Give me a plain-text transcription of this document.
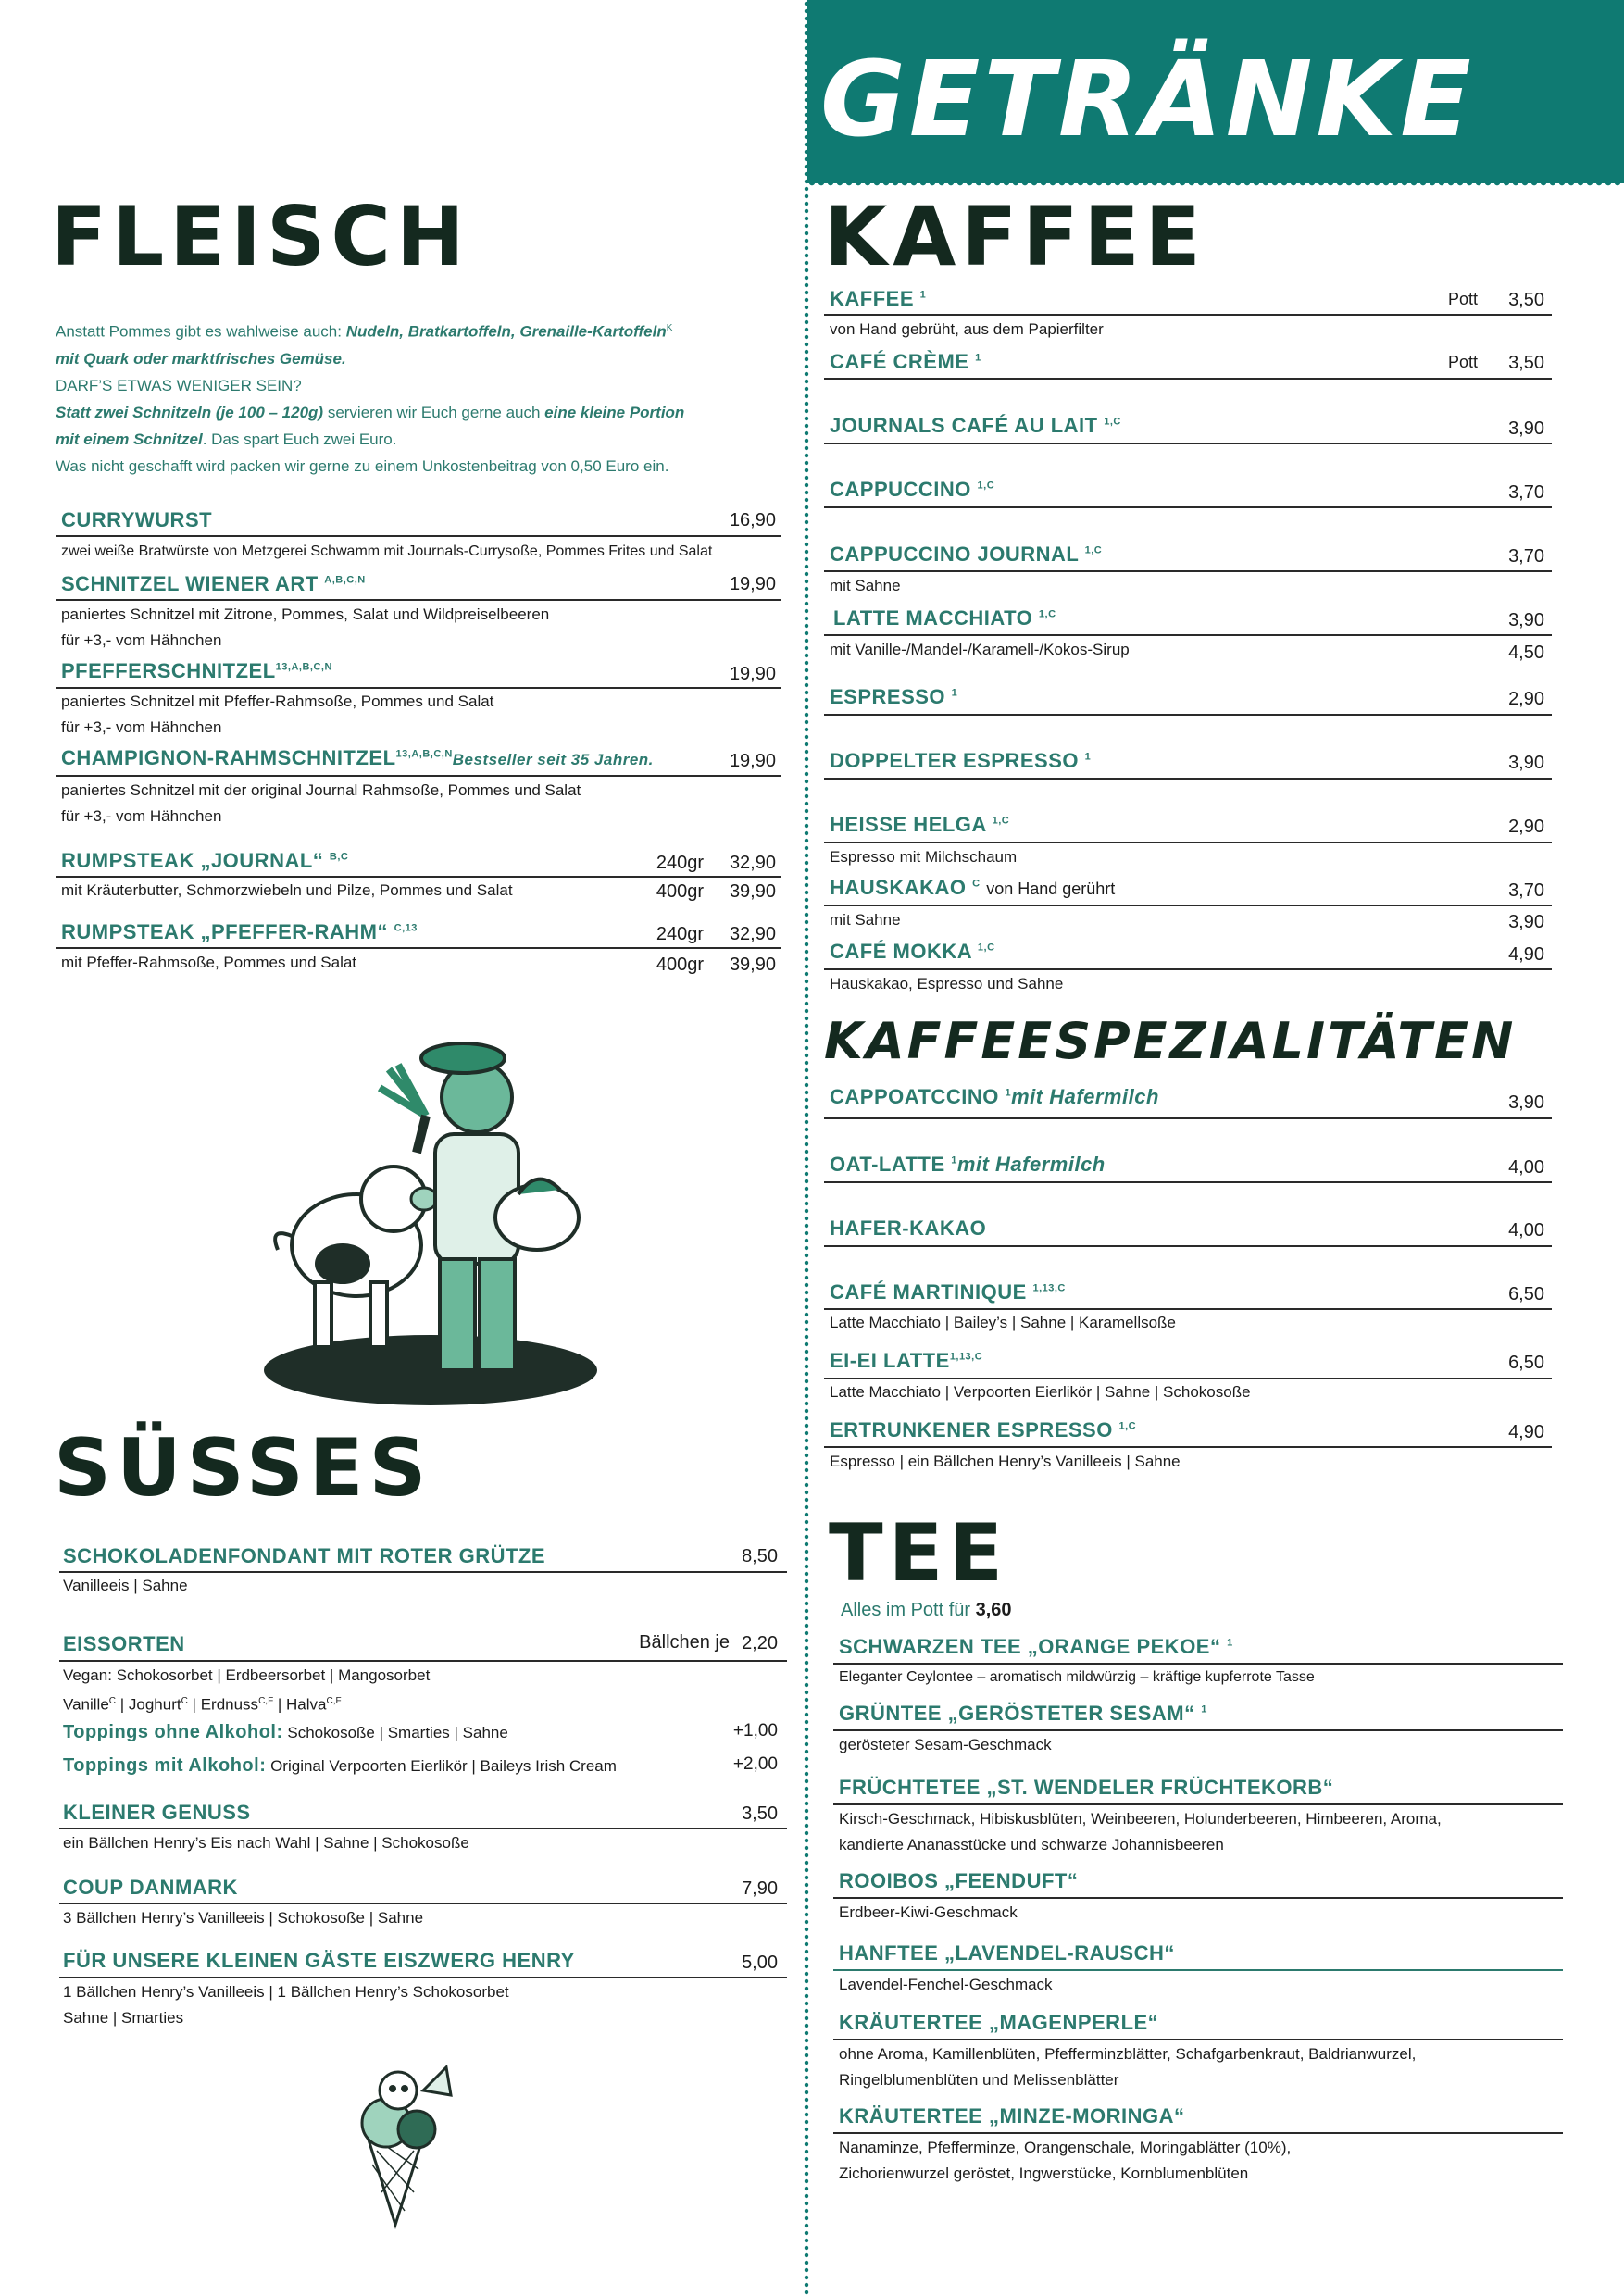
GETRÄNKE
FLEISCH
Anstatt Pommes gibt es wahlweise auch: Nudeln, Bratkartoffeln, Grenaille-Kartoffeln$^K$
mit Quark oder marktfrisches Gemüse.
DARF’S ETWAS WENIGER SEIN?
Statt zwei Schnitzeln (je 100 – 120g) servieren wir Euch gerne auch eine kleine Portion
mit einem Schnitzel. Das spart Euch zwei Euro.
Was nicht geschafft wird packen wir gerne zu einem Unkostenbeitrag von 0,50 Euro ein.
CURRYWURST	16,90
zwei weiße Bratwürste von Metzgerei Schwamm mit Journals-Currysoße, Pommes Frites und Salat
SCHNITZEL WIENER ART $^{A,B,C,N}$	19,90
paniertes Schnitzel mit Zitrone, Pommes, Salat und Wildpreiselbeeren
für +3,- vom Hähnchen
$PFEFFERSCHNITZEL^{13,A,B,C,N}$	19,90
paniertes Schnitzel mit Pfeffer-Rahmsoße, Pommes und Salat
für +3,- vom Hähnchen
CHAMPIGNON-$RAHMSCHNITZEL^{13,A,B,C,N}Bestseller$ seit 35 Jahren.	19,90
paniertes Schnitzel mit der original Journal Rahmsoße, Pommes und Salat
für +3,- vom Hähnchen
RUMPSTEAK „JOURNAL“ $^{B,C}$	240gr	32,90
mit Kräuterbutter, Schmorzwiebeln und Pilze, Pommes und Salat	400gr	39,90
RUMPSTEAK „PFEFFER-RAHM“ $^{C,13}$	240gr	32,90
mit Pfeffer-Rahmsoße, Pommes und Salat	400gr	39,90
SÜSSES
SCHOKOLADENFONDANT MIT ROTER GRÜTZE	8,50
Vanilleeis | Sahne
EISSORTEN	Bällchen je 2,20
Vegan: Schokosorbet | Erdbeersorbet | Mangosorbet
Vanille$^C$ | Joghurt$^C$ | Erdnuss$^{C,F}$ | Halva$^{C,F}$
Toppings ohne Alkohol: Schokosoße | Smarties | Sahne	+1,00
Toppings mit Alkohol: Original Verpoorten Eierlikör | Baileys Irish Cream	+2,00
KLEINER GENUSS	3,50
ein Bällchen Henry’s Eis nach Wahl | Sahne | Schokosoße
COUP DANMARK	7,90
3 Bällchen Henry’s Vanilleeis | Schokosoße | Sahne
FÜR UNSERE KLEINEN GÄSTE EISZWERG HENRY	5,00
1 Bällchen Henry’s Vanilleeis | 1 Bällchen Henry’s Schokosorbet
Sahne | Smarties
KAFFEE
KAFFEE $^1$	Pott	3,50
von Hand gebrüht, aus dem Papierfilter
CAFÉ CRÈME $^1$	Pott	3,50
JOURNALS CAFÉ AU LAIT $^{1,C}$	3,90
CAPPUCCINO $^{1,C}$	3,70
CAPPUCCINO JOURNAL $^{1,C}$	3,70
mit Sahne
LATTE MACCHIATO $^{1,C}$	3,90
mit Vanille-/Mandel-/Karamell-/Kokos-Sirup	4,50
ESPRESSO $^1$	2,90
DOPPELTER ESPRESSO $^1$	3,90
HEISSE HELGA $^{1,C}$	2,90
Espresso mit Milchschaum
HAUSKAKAO $^C$ von Hand gerührt	3,70
mit Sahne	3,90
CAFÉ MOKKA $^{1,C}$	4,90
Hauskakao, Espresso und Sahne
KAFFEESPEZIALITÄTEN
CAPPOATCCINO $^1$mit Hafermilch	3,90
OAT-LATTE $^1$mit Hafermilch	4,00
HAFER-KAKAO	4,00
CAFÉ MARTINIQUE $^{1,13,C}$	6,50
Latte Macchiato | Bailey’s | Sahne | Karamellsoße
EI-EI $LATTE^{1,13,C}$	6,50
Latte Macchiato | Verpoorten Eierlikör | Sahne | Schokosoße
ERTRUNKENER ESPRESSO $^{1,C}$	4,90
Espresso | ein Bällchen Henry’s Vanilleeis | Sahne
TEE
Alles im Pott für 3,60
SCHWARZEN TEE „ORANGE PEKOE“ $^1$
Eleganter Ceylontee – aromatisch mildwürzig – kräftige kupferrote Tasse
GRÜNTEE „GERÖSTETER SESAM“ $^1$
gerösteter Sesam-Geschmack
FRÜCHTETEE „ST. WENDELER FRÜCHTEKORB“
Kirsch-Geschmack, Hibiskusblüten, Weinbeeren, Holunderbeeren, Himbeeren, Aroma,
kandierte Ananasstücke und schwarze Johannisbeeren
ROOIBOS „FEENDUFT“
Erdbeer-Kiwi-Geschmack
HANFTEE „LAVENDEL-RAUSCH“
Lavendel-Fenchel-Geschmack
KRÄUTERTEE „MAGENPERLE“
ohne Aroma, Kamillenblüten, Pfefferminzblätter, Schafgarbenkraut, Baldrianwurzel,
Ringelblumenblüten und Melissenblätter
KRÄUTERTEE „MINZE-MORINGA“
Nanaminze, Pfefferminze, Orangenschale, Moringablätter (10%),
Zichorienwurzel geröstet, Ingwerstücke, Kornblumenblüten
